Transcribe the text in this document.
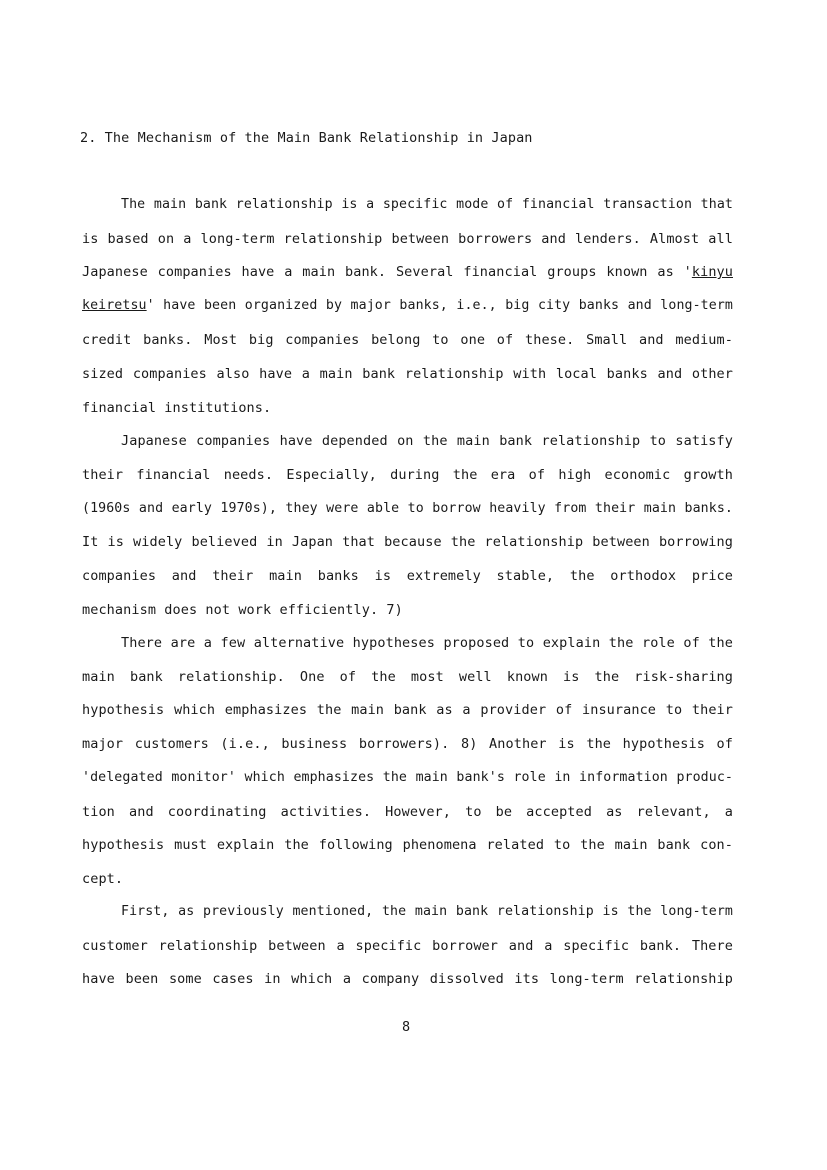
2. The Mechanism of the Main Bank Relationship in Japan
The main bank relationship is a specific mode of financial transaction that
is based on a long-term relationship between borrowers and lenders. Almost all
Japanese companies have a main bank. Several financial groups known as 'kinyu
keiretsu' have been organized by major banks, i.e., big city banks and long-term
credit banks. Most big companies belong to one of these. Small and medium-
sized companies also have a main bank relationship with local banks and other
financial institutions.
Japanese companies have depended on the main bank relationship to satisfy
their financial needs. Especially, during the era of high economic growth
(1960s and early 1970s), they were able to borrow heavily from their main banks.
It is widely believed in Japan that because the relationship between borrowing
companies and their main banks is extremely stable, the orthodox price
mechanism does not work efficiently. 7)
There are a few alternative hypotheses proposed to explain the role of the
main bank relationship. One of the most well known is the risk-sharing
hypothesis which emphasizes the main bank as a provider of insurance to their
major customers (i.e., business borrowers). 8) Another is the hypothesis of
'delegated monitor' which emphasizes the main bank's role in information produc-
tion and coordinating activities. However, to be accepted as relevant, a
hypothesis must explain the following phenomena related to the main bank con-
cept.
First, as previously mentioned, the main bank relationship is the long-term
customer relationship between a specific borrower and a specific bank. There
have been some cases in which a company dissolved its long-term relationship
8
